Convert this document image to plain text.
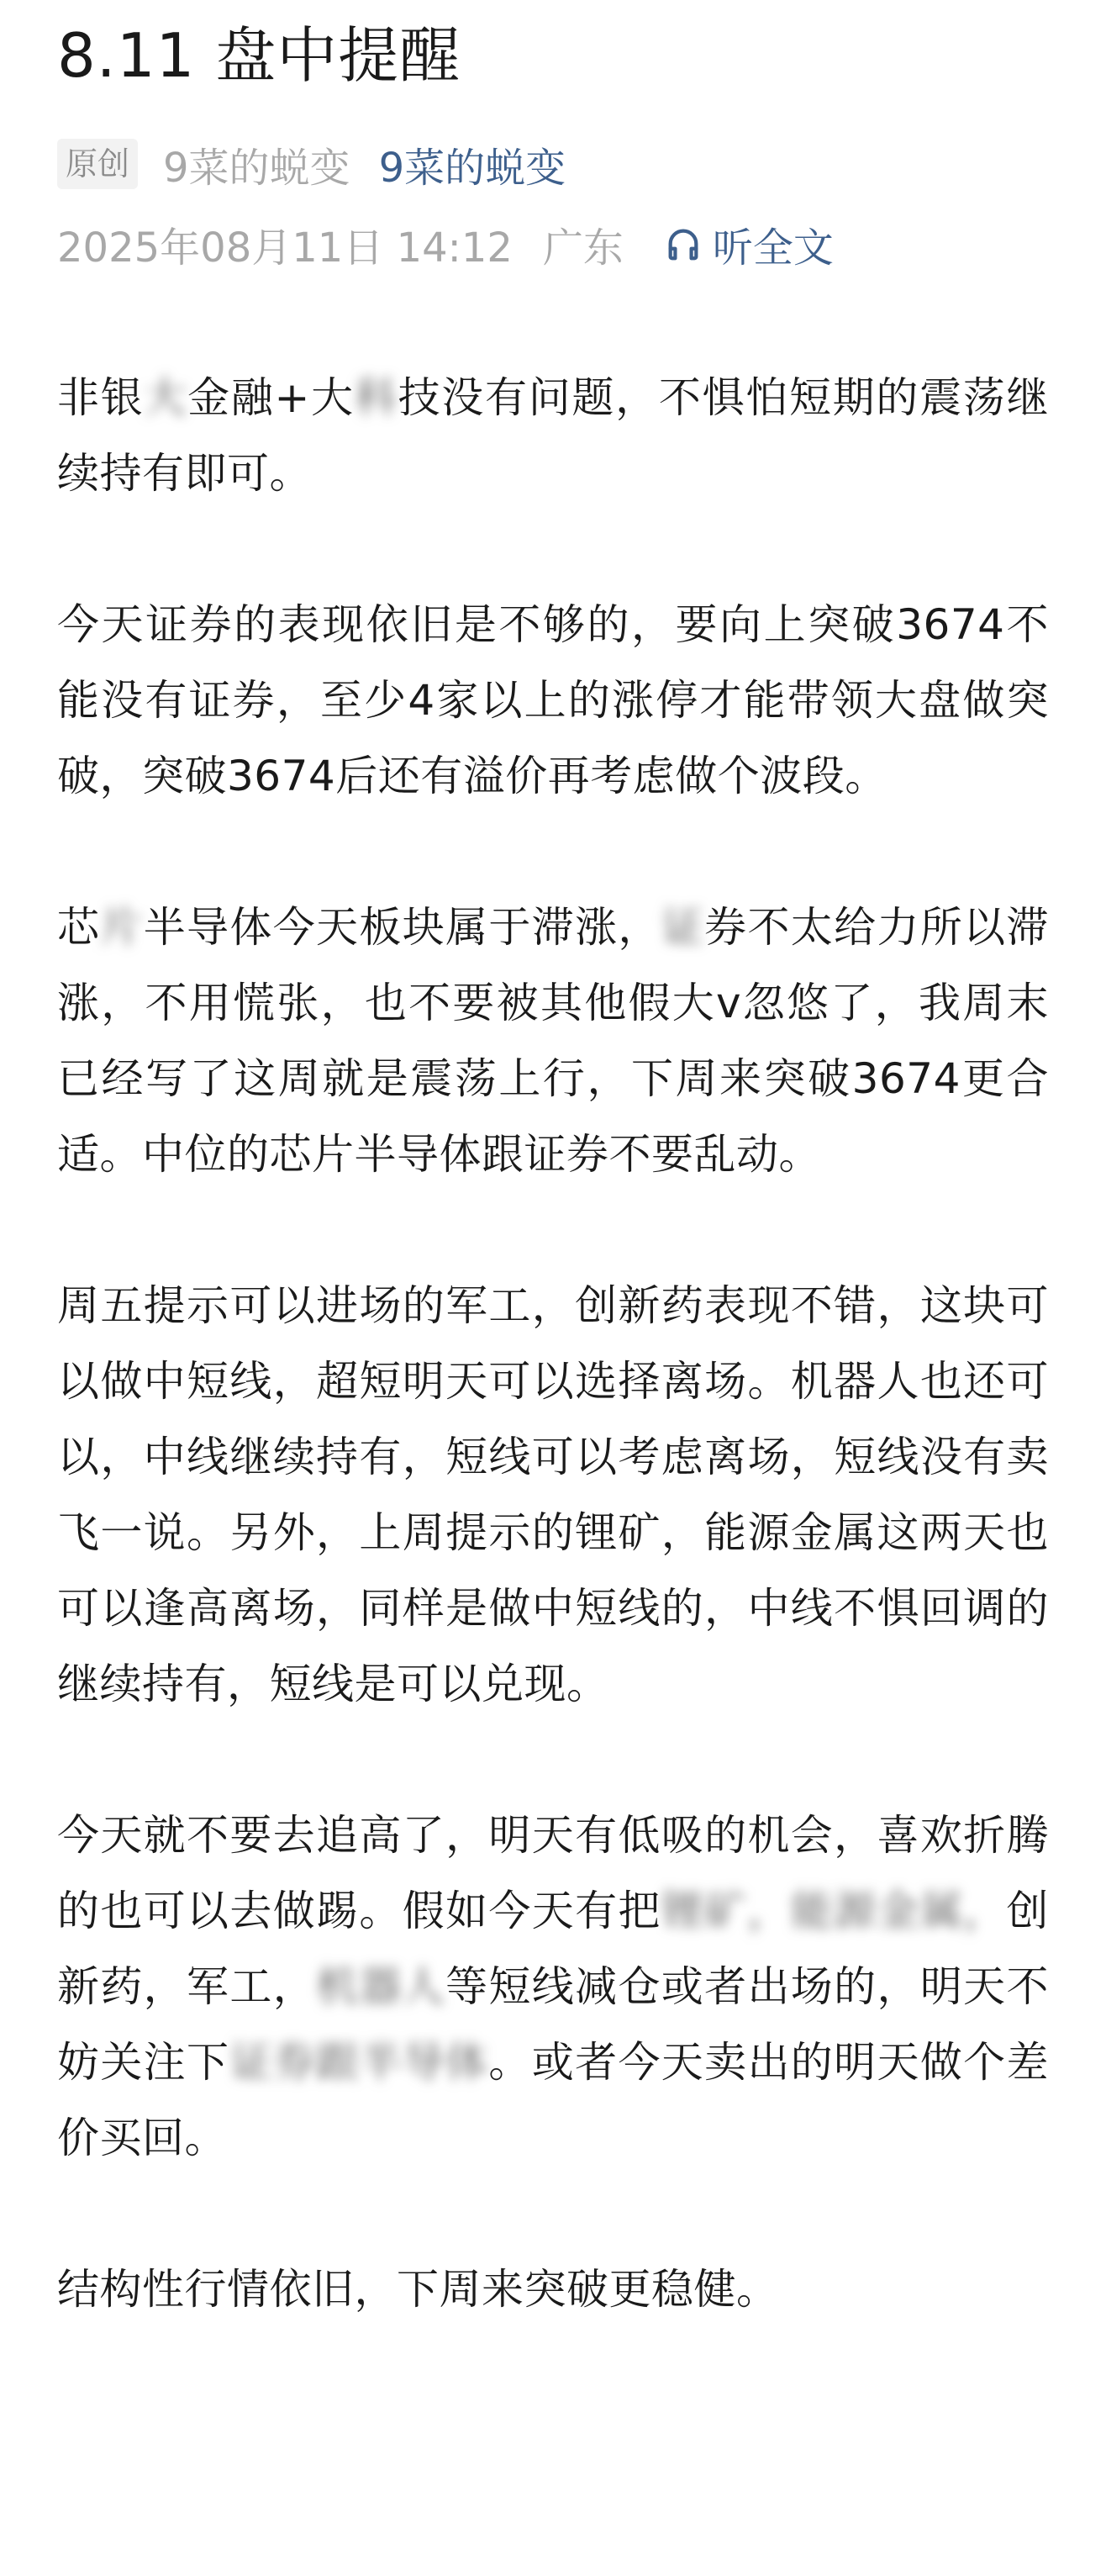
8.11 盘中提醒
原创 9菜的蜕变 9菜的蜕变
2025年08月11日 14:12 广东 听全文

非银大金融+大科技没有问题，不惧怕短期的震荡继续持有即可。

今天证券的表现依旧是不够的，要向上突破3674不能没有证券，至少4家以上的涨停才能带领大盘做突破，突破3674后还有溢价再考虑做个波段。

芯片半导体今天板块属于滞涨，证券不太给力所以滞涨，不用慌张，也不要被其他假大v忽悠了，我周末已经写了这周就是震荡上行，下周来突破3674更合适。中位的芯片半导体跟证券不要乱动。

周五提示可以进场的军工，创新药表现不错，这块可以做中短线，超短明天可以选择离场。机器人也还可以，中线继续持有，短线可以考虑离场，短线没有卖飞一说。另外，上周提示的锂矿，能源金属这两天也可以逢高离场，同样是做中短线的，中线不惧回调的继续持有，短线是可以兑现。

今天就不要去追高了，明天有低吸的机会，喜欢折腾的也可以去做踢。假如今天有把锂矿，能源金属，创新药，军工，机器人等短线减仓或者出场的，明天不妨关注下证券跟半导体。或者今天卖出的明天做个差价买回。

结构性行情依旧，下周来突破更稳健。
